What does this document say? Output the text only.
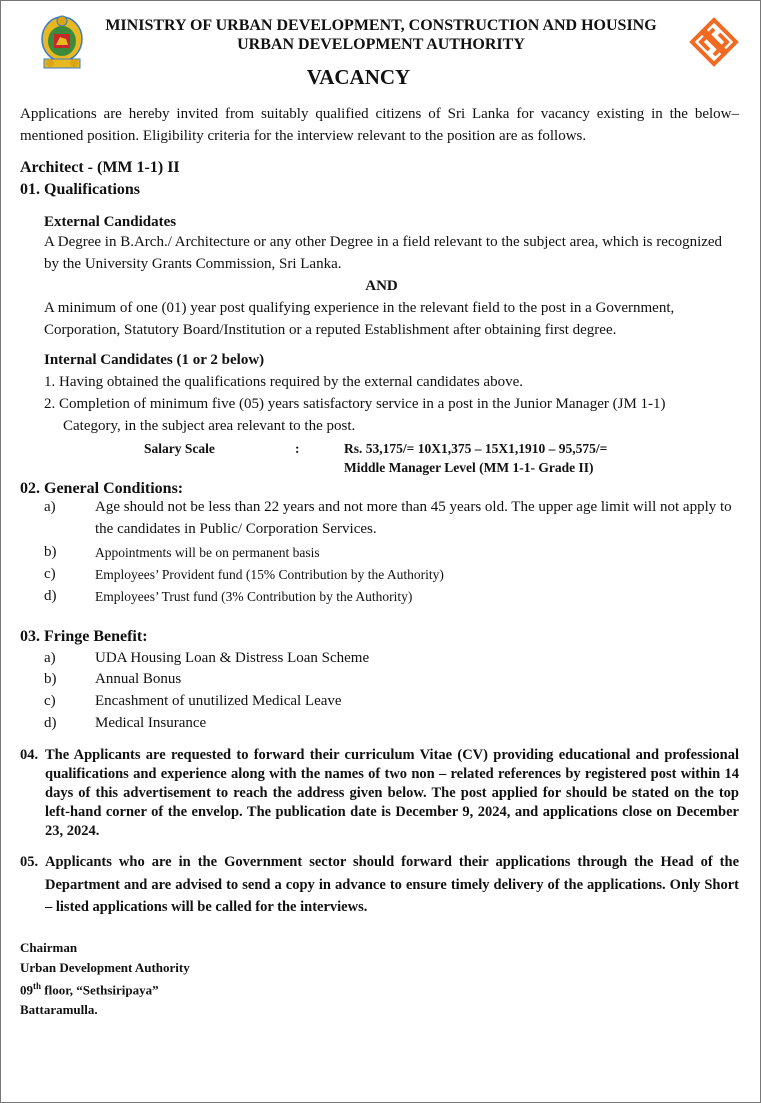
MINISTRY OF URBAN DEVELOPMENT, CONSTRUCTION AND HOUSING
URBAN DEVELOPMENT AUTHORITY
VACANCY
Applications are hereby invited from suitably qualified citizens of Sri Lanka for vacancy existing in the below–mentioned position. Eligibility criteria for the interview relevant to the position are as follows.
Architect - (MM 1-1) II
01. Qualifications
External Candidates
A Degree in B.Arch./ Architecture or any other Degree in a field relevant to the subject area, which is recognized by the University Grants Commission, Sri Lanka.
AND
A minimum of one (01) year post qualifying experience in the relevant field to the post in a Government, Corporation, Statutory Board/Institution or a reputed Establishment after obtaining first degree.
Internal Candidates (1 or 2 below)
1. Having obtained the qualifications required by the external candidates above.
2. Completion of minimum five (05) years satisfactory service in a post in the Junior Manager (JM 1-1)
Category, in the subject area relevant to the post.
Salary Scale	:	Rs. 53,175/= 10X1,375 – 15X1,1910 – 95,575/=
Middle Manager Level (MM 1-1- Grade II)
02. General Conditions:
a)	Age should not be less than 22 years and not more than 45 years old. The upper age limit will not apply to the candidates in Public/ Corporation Services.
b)	Appointments will be on permanent basis
c)	Employees’ Provident fund (15% Contribution by the Authority)
d)	Employees’ Trust fund (3% Contribution by the Authority)
03. Fringe Benefit:
a)	UDA Housing Loan & Distress Loan Scheme
b)	Annual Bonus
c)	Encashment of unutilized Medical Leave
d)	Medical Insurance
04. The Applicants are requested to forward their curriculum Vitae (CV) providing educational and professional qualifications and experience along with the names of two non – related references by registered post within 14 days of this advertisement to reach the address given below. The post applied for should be stated on the top left-hand corner of the envelop. The publication date is December 9, 2024, and applications close on December 23, 2024.
05. Applicants who are in the Government sector should forward their applications through the Head of the Department and are advised to send a copy in advance to ensure timely delivery of the applications. Only Short – listed applications will be called for the interviews.
Chairman
Urban Development Authority
09th floor, “Sethsiripaya”
Battaramulla.
